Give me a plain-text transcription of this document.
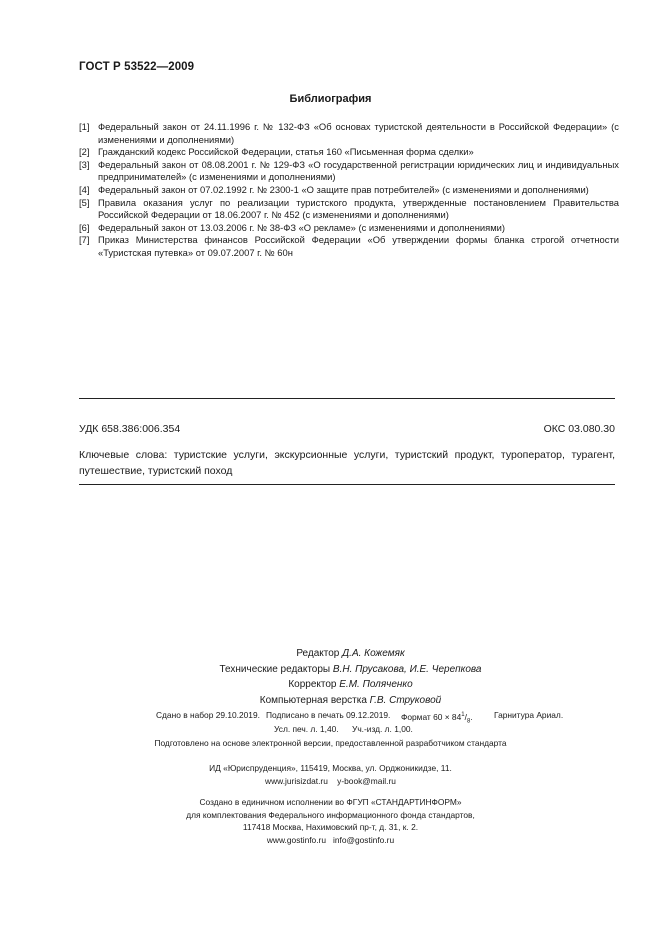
ГОСТ Р 53522—2009
Библиография
[1] Федеральный закон от 24.11.1996 г. № 132-ФЗ «Об основах туристской деятельности в Российской Федерации» (с изменениями и дополнениями)
[2] Гражданский кодекс Российской Федерации, статья 160 «Письменная форма сделки»
[3] Федеральный закон от 08.08.2001 г. № 129-ФЗ «О государственной регистрации юридических лиц и индивидуальных предпринимателей» (с изменениями и дополнениями)
[4] Федеральный закон от 07.02.1992 г. № 2300-1 «О защите прав потребителей» (с изменениями и дополнениями)
[5] Правила оказания услуг по реализации туристского продукта, утвержденные постановлением Правительства Российской Федерации от 18.06.2007 г. № 452 (с изменениями и дополнениями)
[6] Федеральный закон от 13.03.2006 г. № 38-ФЗ «О рекламе» (с изменениями и дополнениями)
[7] Приказ Министерства финансов Российской Федерации «Об утверждении формы бланка строгой отчетности «Туристская путевка» от 09.07.2007 г. № 60н
УДК 658.386:006.354	ОКС 03.080.30
Ключевые слова: туристские услуги, экскурсионные услуги, туристский продукт, туроператор, турагент, путешествие, туристский поход
Редактор Д.А. Кожемяк
Технические редакторы В.Н. Прусакова, И.Е. Черепкова
Корректор Е.М. Поляченко
Компьютерная верстка Г.В. Струковой
Сдано в набор 29.10.2019. Подписано в печать 09.12.2019. Формат $60 \times 84^1/_8$.	Гарнитура Ариал.
Усл. печ. л. 1,40. Уч.-изд. л. 1,00.
Подготовлено на основе электронной версии, предоставленной разработчиком стандарта
ИД «Юриспруденция», 115419, Москва, ул. Орджоникидзе, 11.
www.jurisizdat.ru y-book@mail.ru
Создано в единичном исполнении во ФГУП «СТАНДАРТИНФОРМ»
для комплектования Федерального информационного фонда стандартов,
117418 Москва, Нахимовский пр-т, д. 31, к. 2.
www.gostinfo.ru info@gostinfo.ru
